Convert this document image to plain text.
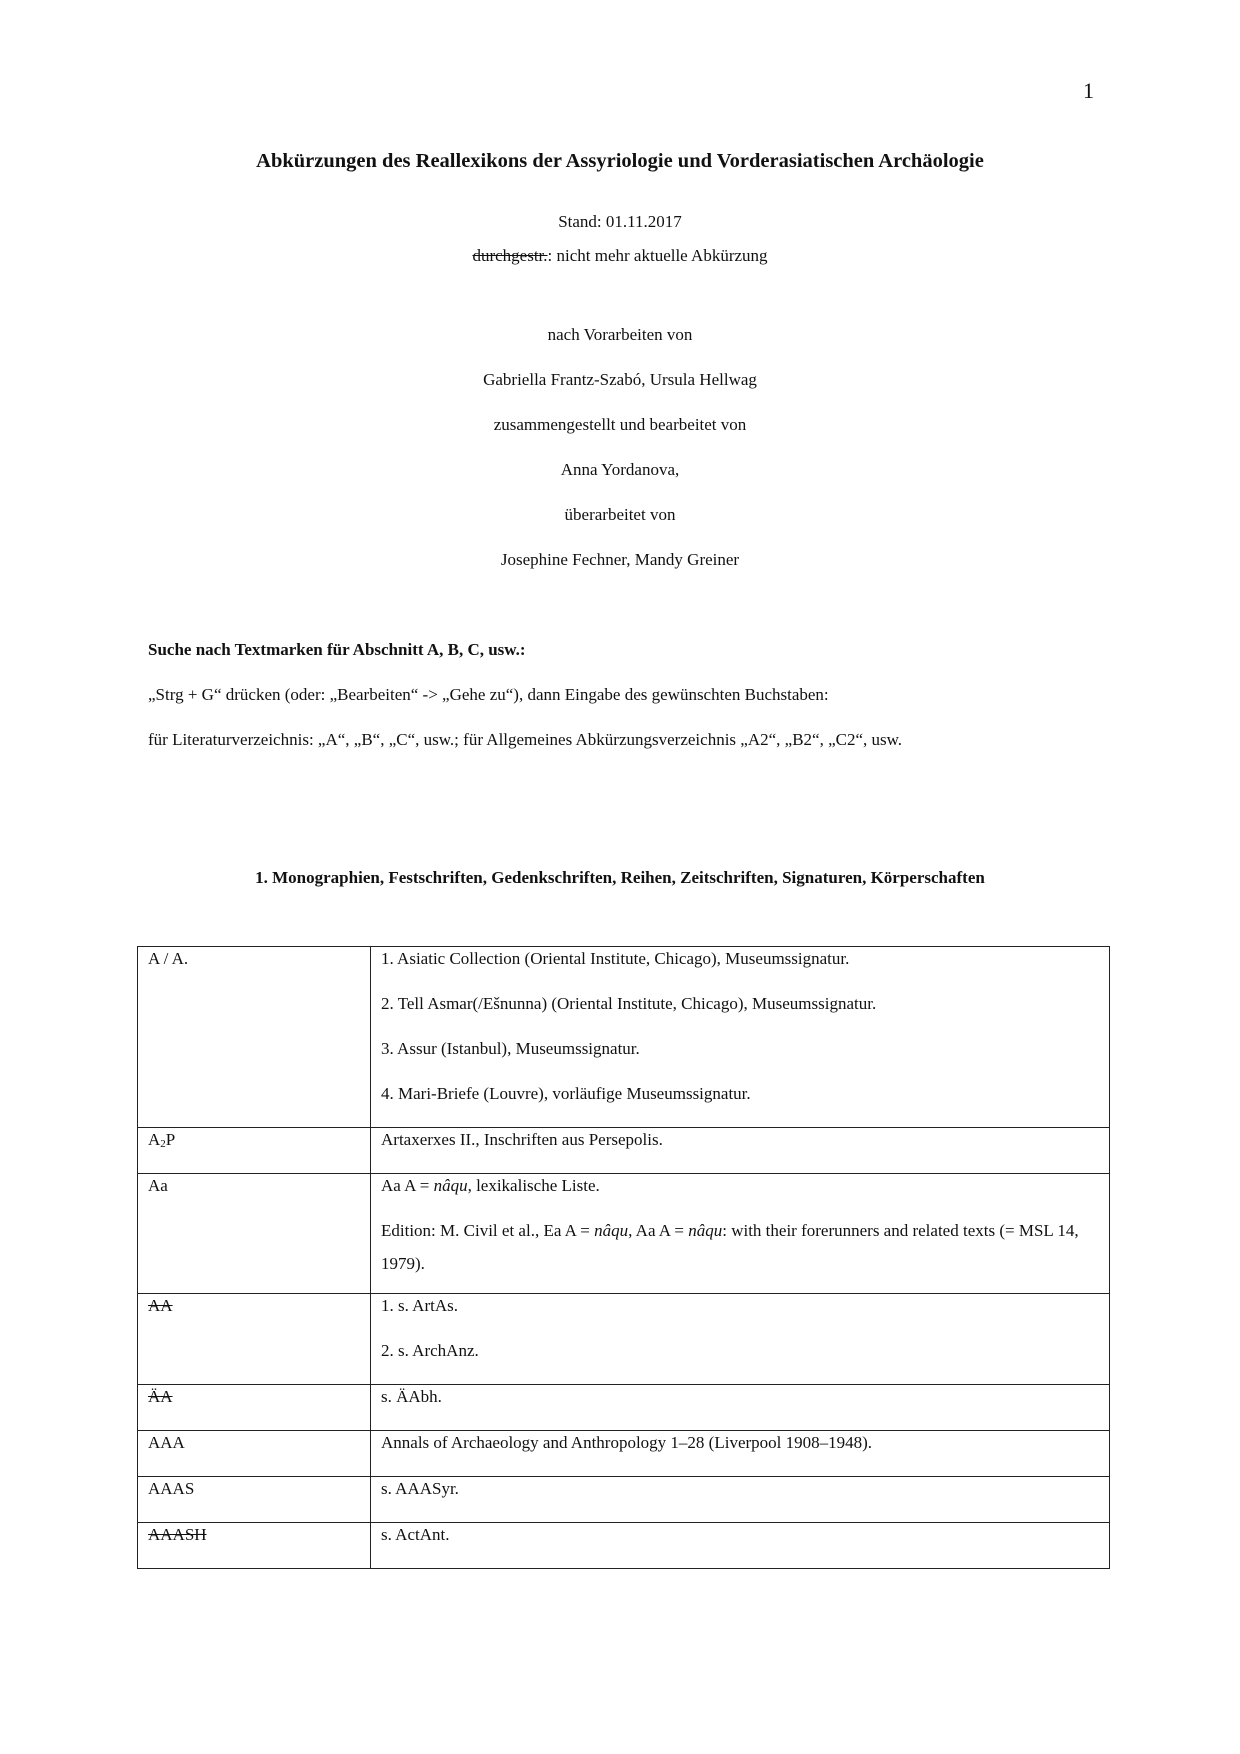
1
Abkürzungen des Reallexikons der Assyriologie und Vorderasiatischen Archäologie
Stand: 01.11.2017
durchgestr.: nicht mehr aktuelle Abkürzung
nach Vorarbeiten von
Gabriella Frantz-Szabó, Ursula Hellwag
zusammengestellt und bearbeitet von
Anna Yordanova,
überarbeitet von
Josephine Fechner, Mandy Greiner
Suche nach Textmarken für Abschnitt A, B, C, usw.:
„Strg + G“ drücken (oder: „Bearbeiten“ -> „Gehe zu“), dann Eingabe des gewünschten Buchstaben:
für Literaturverzeichnis: „A“, „B“, „C“, usw.; für Allgemeines Abkürzungsverzeichnis „A2“, „B2“, „C2“, usw.
1. Monographien, Festschriften, Gedenkschriften, Reihen, Zeitschriften, Signaturen, Körperschaften
A / A.	1. Asiatic Collection (Oriental Institute, Chicago), Museumssignatur.
2. Tell Asmar(/Ešnunna) (Oriental Institute, Chicago), Museumssignatur.
3. Assur (Istanbul), Museumssignatur.
4. Mari-Briefe (Louvre), vorläufige Museumssignatur.

$A_2P$	Artaxerxes II., Inschriften aus Persepolis.

Aa	Aa A = nâqu, lexikalische Liste.
Edition: M. Civil et al., Ea A = nâqu, Aa A = nâqu: with their forerunners and related texts (= MSL 14, 1979).

AA	1. s. ArtAs.
2. s. ArchAnz.

ÄA	s. ÄAbh.

AAA	Annals of Archaeology and Anthropology 1–28 (Liverpool 1908–1948).

AAAS	s. AAASyr.

AAASH	s. ActAnt.
